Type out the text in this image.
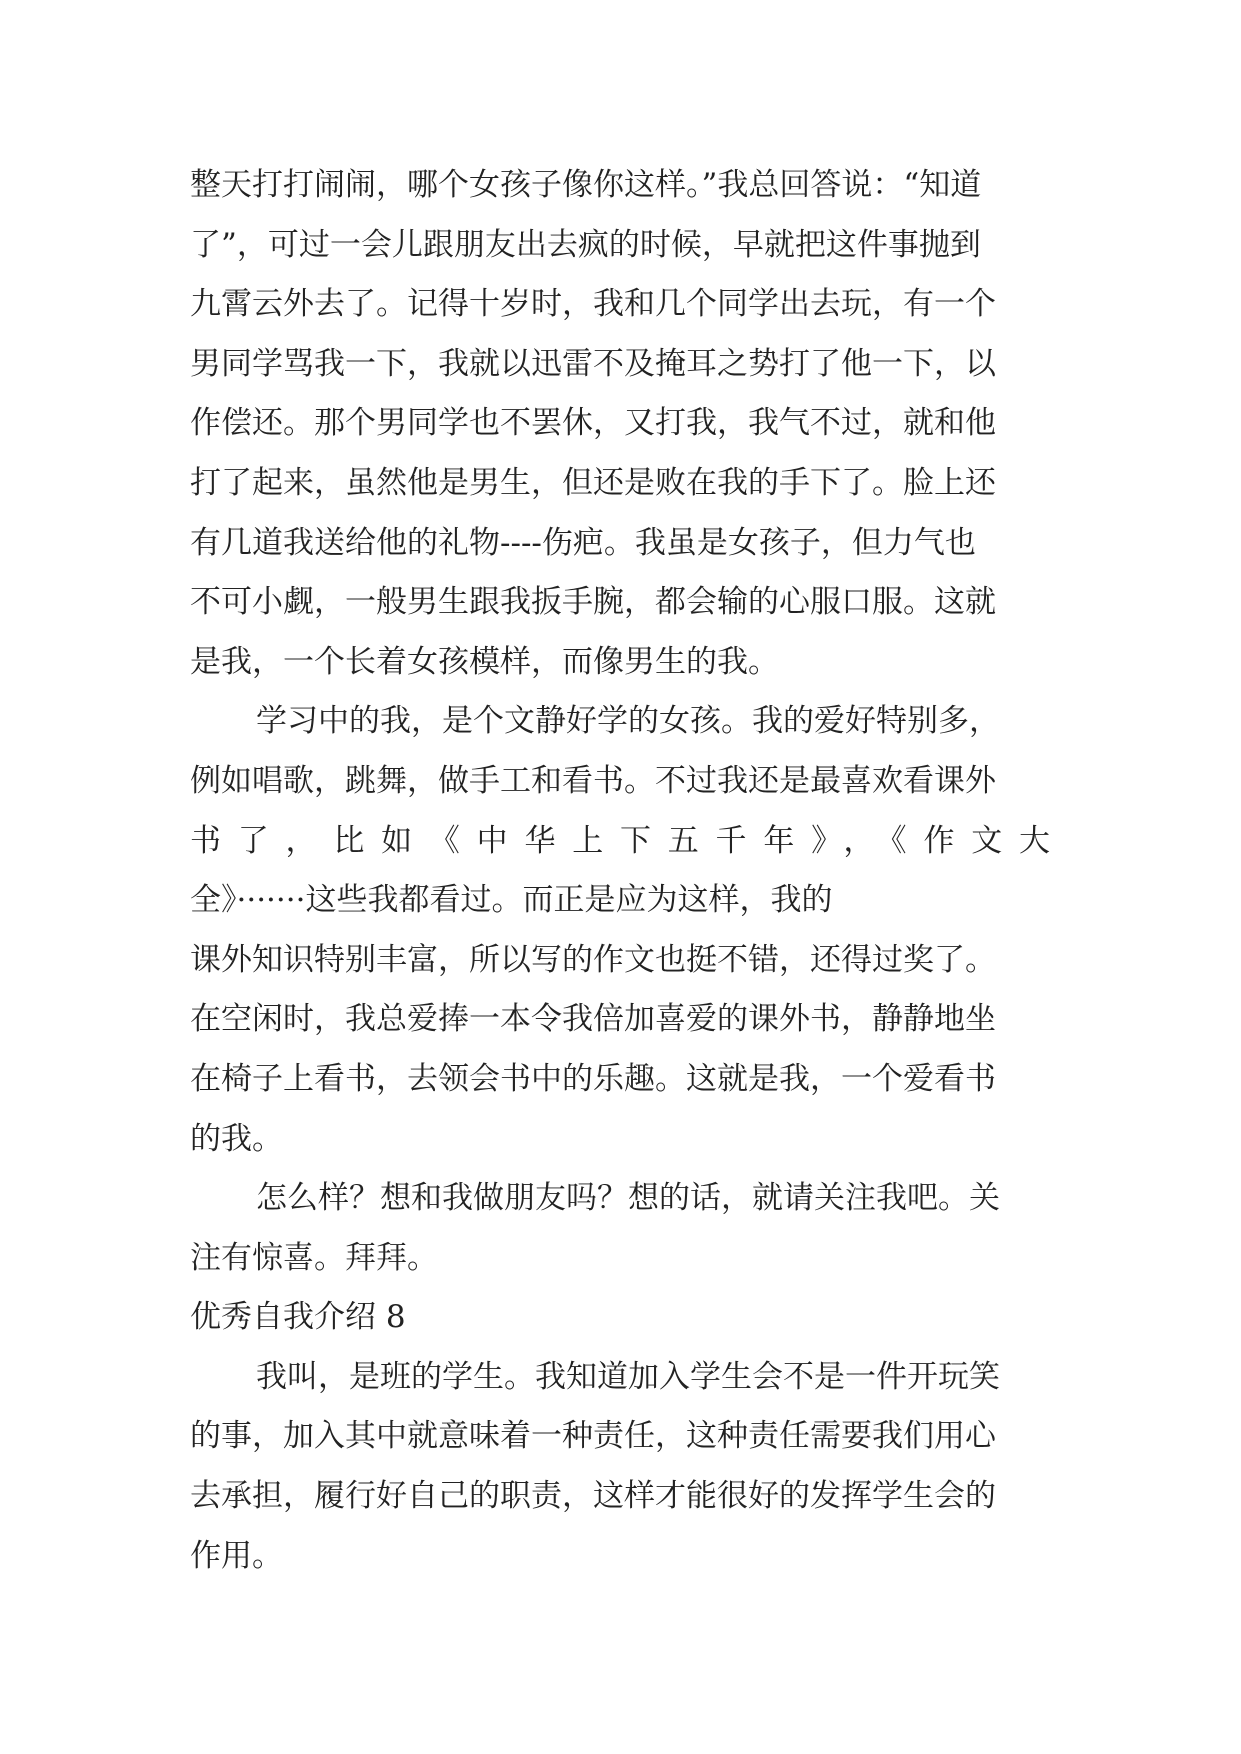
整天打打闹闹，哪个女孩子像你这样。”我总回答说：“知道
了”，可过一会儿跟朋友出去疯的时候，早就把这件事抛到
九霄云外去了。记得十岁时，我和几个同学出去玩，有一个
男同学骂我一下，我就以迅雷不及掩耳之势打了他一下，以
作偿还。那个男同学也不罢休，又打我，我气不过，就和他
打了起来，虽然他是男生，但还是败在我的手下了。脸上还
有几道我送给他的礼物----伤疤。我虽是女孩子，但力气也
不可小觑，一般男生跟我扳手腕，都会输的心服口服。这就
是我，一个长着女孩模样，而像男生的我。
学习中的我，是个文静好学的女孩。我的爱好特别多，
例如唱歌，跳舞，做手工和看书。不过我还是最喜欢看课外
书了，比如《中华上下五千年》，《作文大
全》·······这些我都看过。而正是应为这样，我的
课外知识特别丰富，所以写的作文也挺不错，还得过奖了。
在空闲时，我总爱捧一本令我倍加喜爱的课外书，静静地坐
在椅子上看书，去领会书中的乐趣。这就是我，一个爱看书
的我。
怎么样？想和我做朋友吗？想的话，就请关注我吧。关
注有惊喜。拜拜。
优秀自我介绍 8
我叫，是班的学生。我知道加入学生会不是一件开玩笑
的事，加入其中就意味着一种责任，这种责任需要我们用心
去承担，履行好自己的职责，这样才能很好的发挥学生会的
作用。
